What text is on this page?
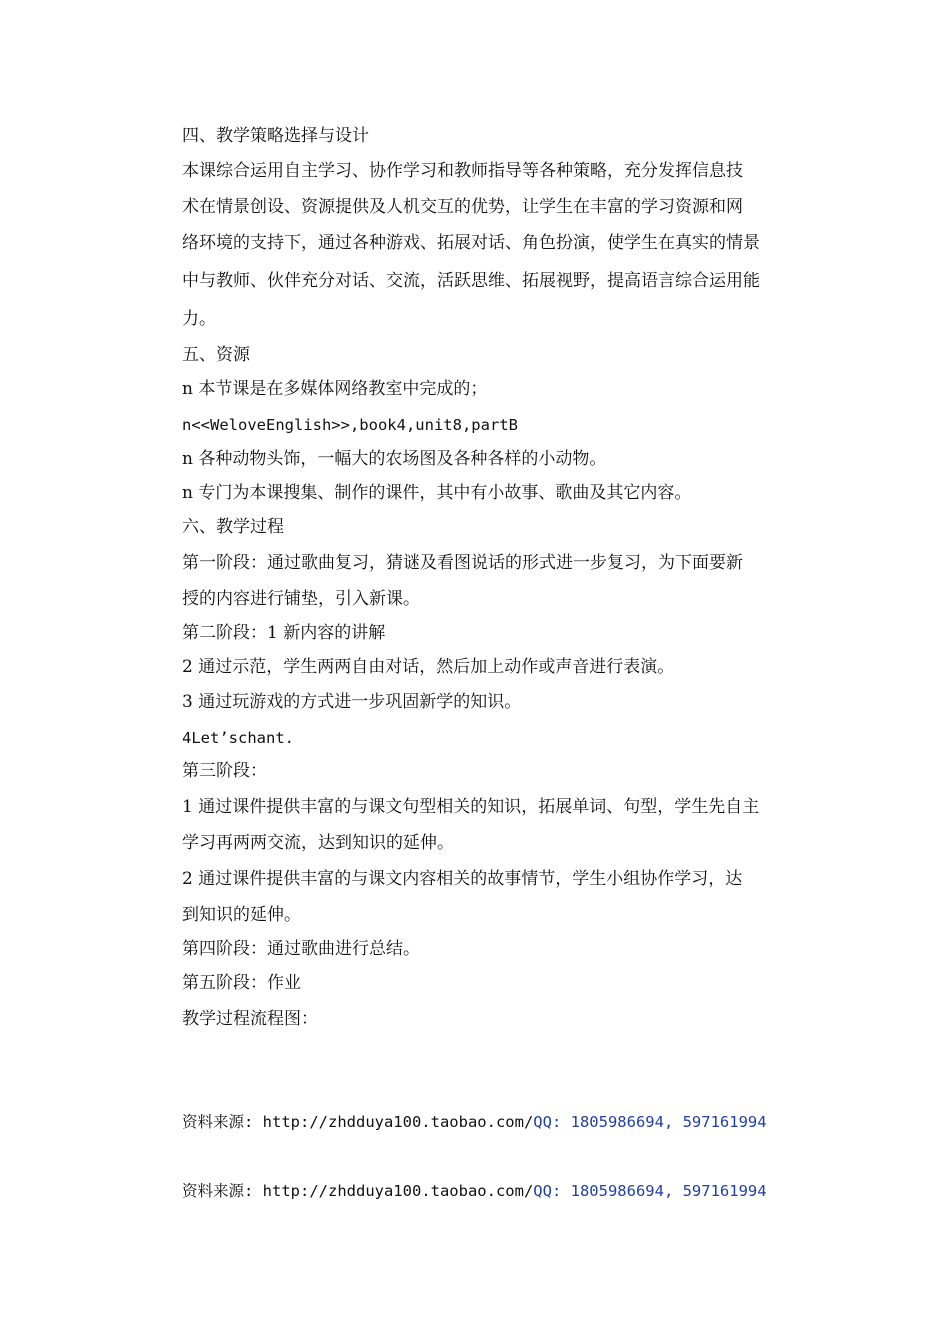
四、教学策略选择与设计
本课综合运用自主学习、协作学习和教师指导等各种策略，充分发挥信息技
术在情景创设、资源提供及人机交互的优势，让学生在丰富的学习资源和网
络环境的支持下，通过各种游戏、拓展对话、角色扮演，使学生在真实的情景
中与教师、伙伴充分对话、交流，活跃思维、拓展视野，提高语言综合运用能
力。
五、资源
n 本节课是在多媒体网络教室中完成的；
n<<WeloveEnglish>>,book4,unit8,partB
n 各种动物头饰，一幅大的农场图及各种各样的小动物。
n 专门为本课搜集、制作的课件，其中有小故事、歌曲及其它内容。
六、教学过程
第一阶段：通过歌曲复习，猜谜及看图说话的形式进一步复习，为下面要新
授的内容进行铺垫，引入新课。
第二阶段：1 新内容的讲解
2 通过示范，学生两两自由对话，然后加上动作或声音进行表演。
3 通过玩游戏的方式进一步巩固新学的知识。
4Let’schant.
第三阶段：
1 通过课件提供丰富的与课文句型相关的知识，拓展单词、句型，学生先自主
学习再两两交流，达到知识的延伸。
2 通过课件提供丰富的与课文内容相关的故事情节，学生小组协作学习，达
到知识的延伸。
第四阶段：通过歌曲进行总结。
第五阶段：作业
教学过程流程图：
资料来源: http://zhdduya100.taobao.com/QQ: 1805986694, 597161994
资料来源: http://zhdduya100.taobao.com/QQ: 1805986694, 597161994
